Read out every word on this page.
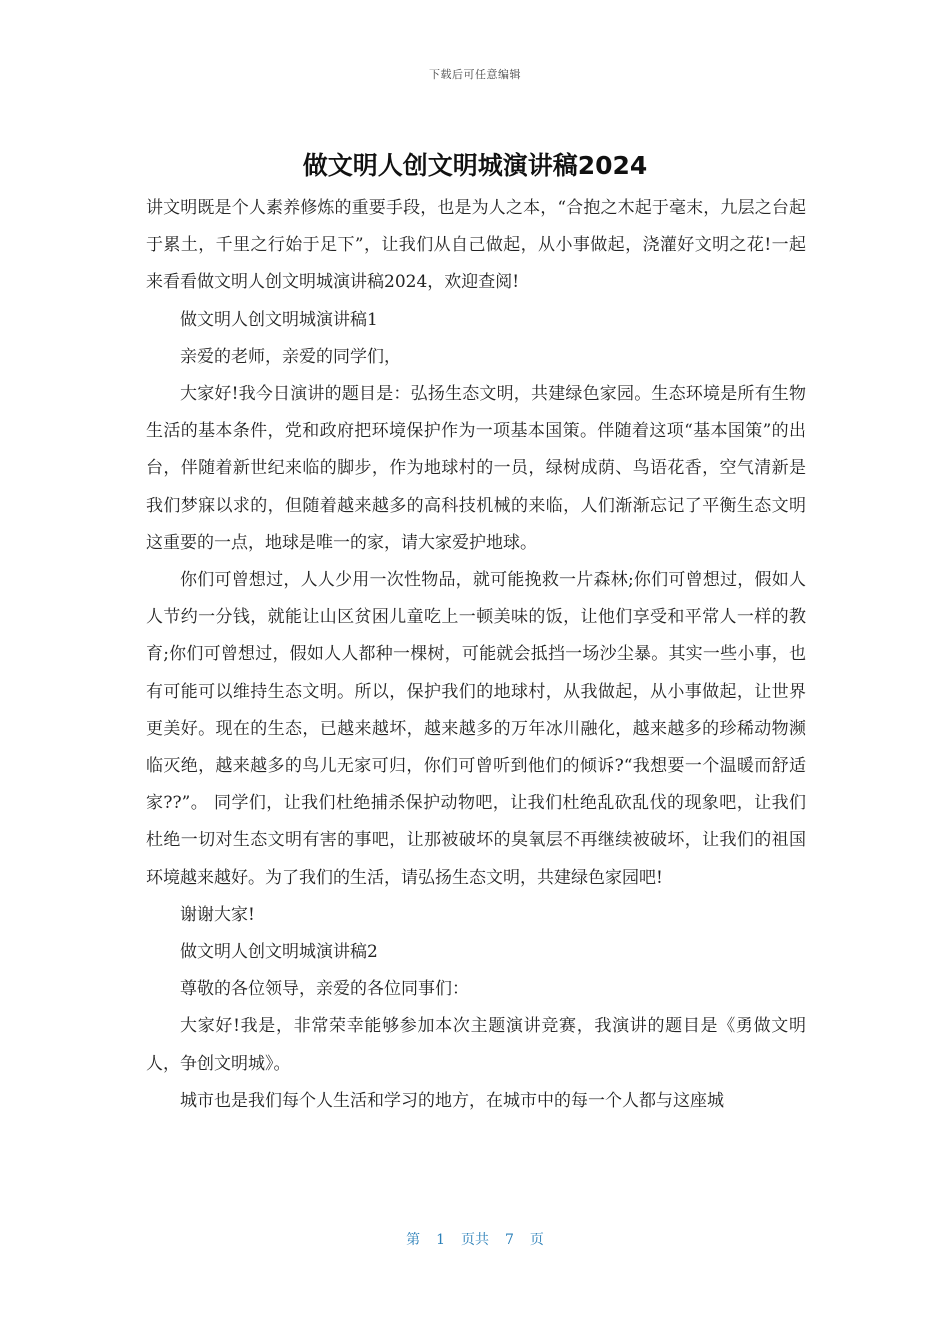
下载后可任意编辑
做文明人创文明城演讲稿2024

讲文明既是个人素养修炼的重要手段，也是为人之本，“合抱之木起于毫末，九层之台起于累土，千里之行始于足下”，让我们从自己做起，从小事做起，浇灌好文明之花!一起来看看做文明人创文明城演讲稿2024，欢迎查阅!

做文明人创文明城演讲稿1

亲爱的老师，亲爱的同学们，

大家好!我今日演讲的题目是：弘扬生态文明，共建绿色家园。生态环境是所有生物生活的基本条件，党和政府把环境保护作为一项基本国策。伴随着这项“基本国策”的出台，伴随着新世纪来临的脚步，作为地球村的一员，绿树成荫、鸟语花香，空气清新是我们梦寐以求的，但随着越来越多的高科技机械的来临，人们渐渐忘记了平衡生态文明这重要的一点，地球是唯一的家，请大家爱护地球。

你们可曾想过，人人少用一次性物品，就可能挽救一片森林;你们可曾想过，假如人人节约一分钱，就能让山区贫困儿童吃上一顿美味的饭，让他们享受和平常人一样的教育;你们可曾想过，假如人人都种一棵树，可能就会抵挡一场沙尘暴。其实一些小事，也有可能可以维持生态文明。所以，保护我们的地球村，从我做起，从小事做起，让世界更美好。现在的生态，已越来越坏，越来越多的万年冰川融化，越来越多的珍稀动物濒临灭绝，越来越多的鸟儿无家可归，你们可曾听到他们的倾诉?“我想要一个温暖而舒适家??”。 同学们，让我们杜绝捕杀保护动物吧，让我们杜绝乱砍乱伐的现象吧，让我们杜绝一切对生态文明有害的事吧，让那被破坏的臭氧层不再继续被破坏，让我们的祖国环境越来越好。为了我们的生活，请弘扬生态文明，共建绿色家园吧!

谢谢大家!

做文明人创文明城演讲稿2

尊敬的各位领导，亲爱的各位同事们：

大家好!我是，非常荣幸能够参加本次主题演讲竞赛，我演讲的题目是《勇做文明人，争创文明城》。

城市也是我们每个人生活和学习的地方，在城市中的每一个人都与这座城

第 1 页共 7 页
